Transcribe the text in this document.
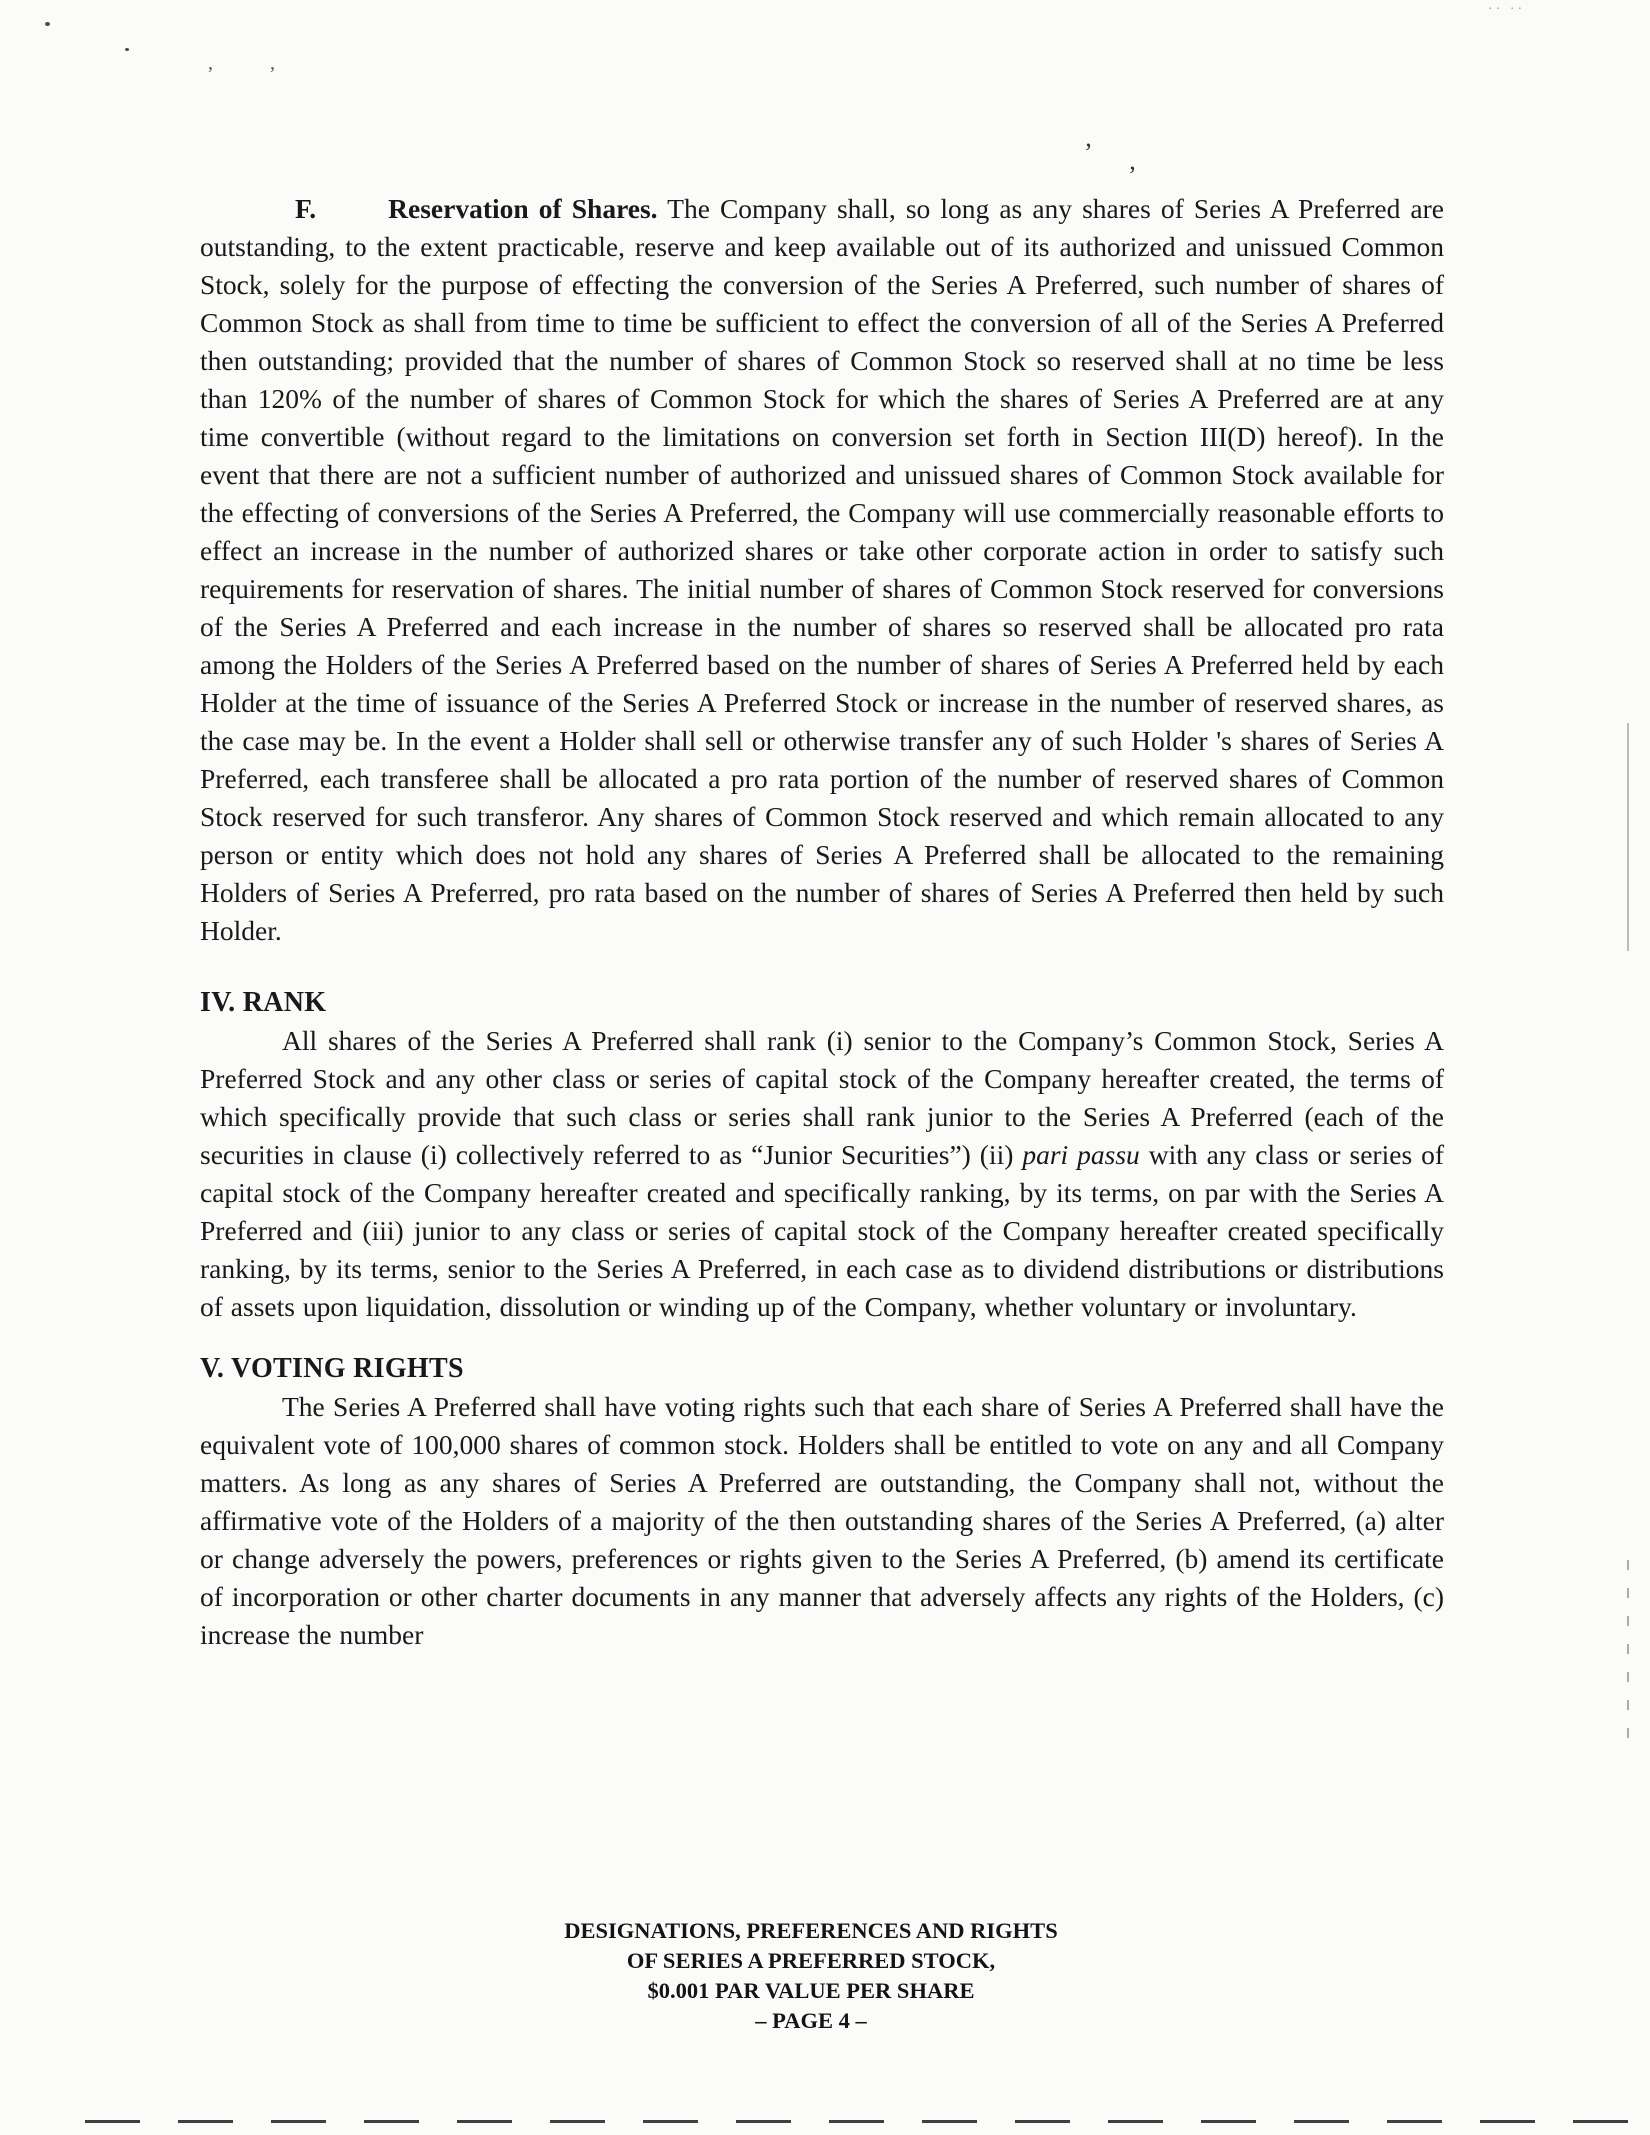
, ,
·· ··
’ ‚

F.	Reservation of Shares. The Company shall, so long as any shares of Series A Preferred are outstanding, to the extent practicable, reserve and keep available out of its authorized and unissued Common Stock, solely for the purpose of effecting the conversion of the Series A Preferred, such number of shares of Common Stock as shall from time to time be sufficient to effect the conversion of all of the Series A Preferred then outstanding; provided that the number of shares of Common Stock so reserved shall at no time be less than 120% of the number of shares of Common Stock for which the shares of Series A Preferred are at any time convertible (without regard to the limitations on conversion set forth in Section III(D) hereof). In the event that there are not a sufficient number of authorized and unissued shares of Common Stock available for the effecting of conversions of the Series A Preferred, the Company will use commercially reasonable efforts to effect an increase in the number of authorized shares or take other corporate action in order to satisfy such requirements for reservation of shares. The initial number of shares of Common Stock reserved for conversions of the Series A Preferred and each increase in the number of shares so reserved shall be allocated pro rata among the Holders of the Series A Preferred based on the number of shares of Series A Preferred held by each Holder at the time of issuance of the Series A Preferred Stock or increase in the number of reserved shares, as the case may be. In the event a Holder shall sell or otherwise transfer any of such Holder 's shares of Series A Preferred, each transferee shall be allocated a pro rata portion of the number of reserved shares of Common Stock reserved for such transferor. Any shares of Common Stock reserved and which remain allocated to any person or entity which does not hold any shares of Series A Preferred shall be allocated to the remaining Holders of Series A Preferred, pro rata based on the number of shares of Series A Preferred then held by such Holder.

IV. RANK

All shares of the Series A Preferred shall rank (i) senior to the Company’s Common Stock, Series A Preferred Stock and any other class or series of capital stock of the Company hereafter created, the terms of which specifically provide that such class or series shall rank junior to the Series A Preferred (each of the securities in clause (i) collectively referred to as “Junior Securities”) (ii) pari passu with any class or series of capital stock of the Company hereafter created and specifically ranking, by its terms, on par with the Series A Preferred and (iii) junior to any class or series of capital stock of the Company hereafter created specifically ranking, by its terms, senior to the Series A Preferred, in each case as to dividend distributions or distributions of assets upon liquidation, dissolution or winding up of the Company, whether voluntary or involuntary.

V. VOTING RIGHTS

The Series A Preferred shall have voting rights such that each share of Series A Preferred shall have the equivalent vote of 100,000 shares of common stock. Holders shall be entitled to vote on any and all Company matters. As long as any shares of Series A Preferred are outstanding, the Company shall not, without the affirmative vote of the Holders of a majority of the then outstanding shares of the Series A Preferred, (a) alter or change adversely the powers, preferences or rights given to the Series A Preferred, (b) amend its certificate of incorporation or other charter documents in any manner that adversely affects any rights of the Holders, (c) increase the number

DESIGNATIONS, PREFERENCES AND RIGHTS
OF SERIES A PREFERRED STOCK,
$0.001 PAR VALUE PER SHARE
– PAGE 4 –
